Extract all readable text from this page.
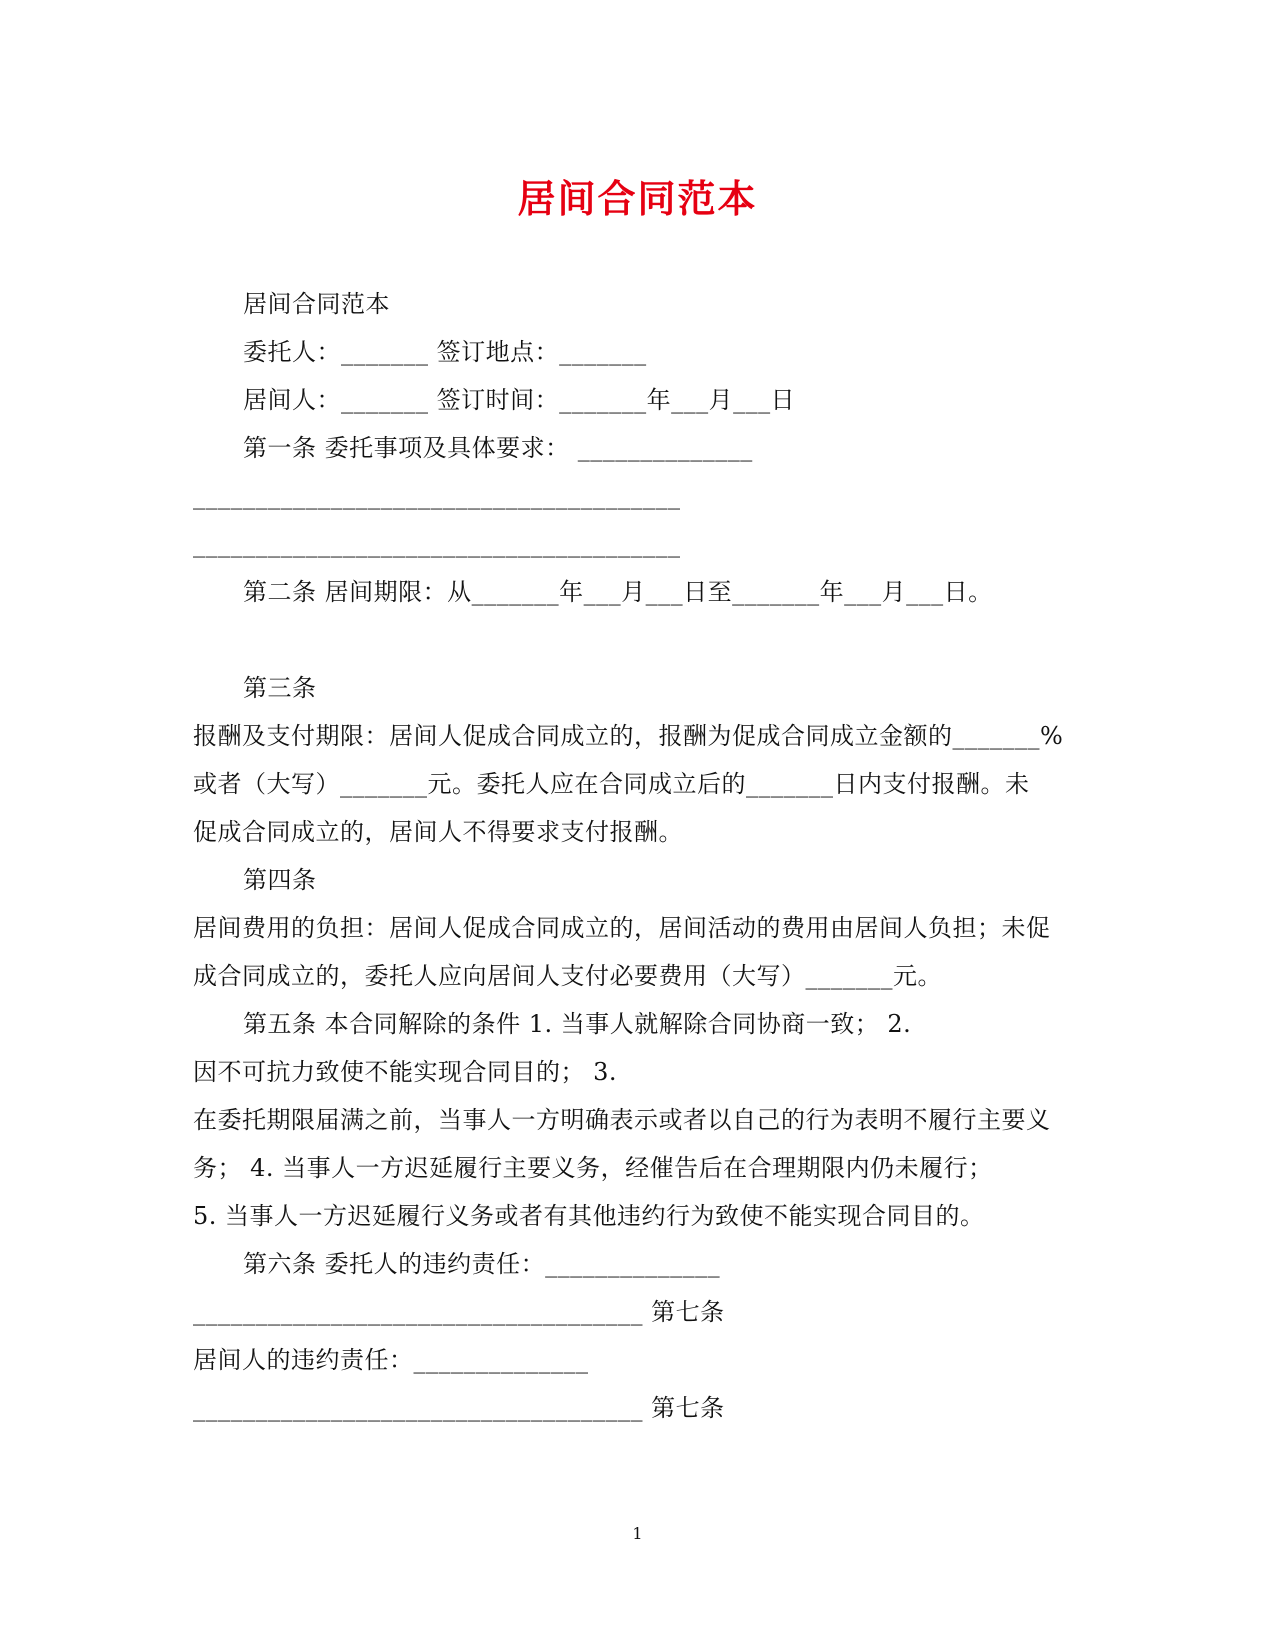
居间合同范本
居间合同范本
委托人：_______ 签订地点：_______
居间人：_______ 签订时间：_______年___月___日
第一条 委托事项及具体要求： ______________
_______________________________________
_______________________________________
第二条 居间期限：从_______年___月___日至_______年___月___日。
第三条
报酬及支付期限：居间人促成合同成立的，报酬为促成合同成立金额的_______%
或者（大写）_______元。委托人应在合同成立后的_______日内支付报酬。未
促成合同成立的，居间人不得要求支付报酬。
第四条
居间费用的负担：居间人促成合同成立的，居间活动的费用由居间人负担；未促
成合同成立的，委托人应向居间人支付必要费用（大写）_______元。
第五条 本合同解除的条件 1. 当事人就解除合同协商一致； 2.
因不可抗力致使不能实现合同目的； 3.
在委托期限届满之前，当事人一方明确表示或者以自己的行为表明不履行主要义
务； 4. 当事人一方迟延履行主要义务，经催告后在合理期限内仍未履行；
5. 当事人一方迟延履行义务或者有其他违约行为致使不能实现合同目的。
第六条 委托人的违约责任：______________
____________________________________ 第七条
居间人的违约责任：______________
____________________________________ 第七条
1
